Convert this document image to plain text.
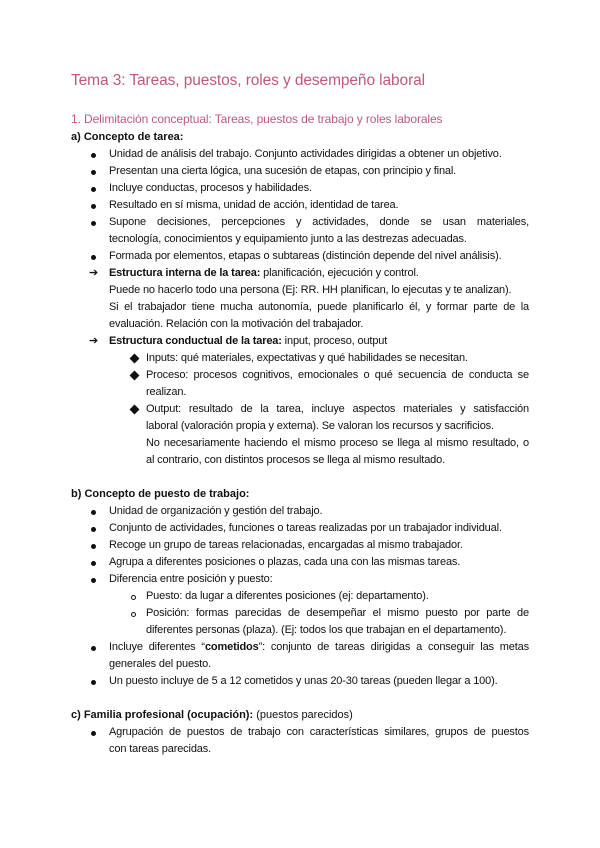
Tema 3: Tareas, puestos, roles y desempeño laboral
1. Delimitación conceptual: Tareas, puestos de trabajo y roles laborales
a) Concepto de tarea:
Unidad de análisis del trabajo. Conjunto actividades dirigidas a obtener un objetivo.
Presentan una cierta lógica, una sucesión de etapas, con principio y final.
Incluye conductas, procesos y habilidades.
Resultado en sí misma, unidad de acción, identidad de tarea.
Supone decisiones, percepciones y actividades, donde se usan materiales,
tecnología, conocimientos y equipamiento junto a las destrezas adecuadas.
Formada por elementos, etapas o subtareas (distinción depende del nivel análisis).
➔ Estructura interna de la tarea: planificación, ejecución y control.
Puede no hacerlo todo una persona (Ej: RR. HH planifican, lo ejecutas y te analizan).
Si el trabajador tiene mucha autonomía, puede planificarlo él, y formar parte de la
evaluación. Relación con la motivación del trabajador.
➔ Estructura conductual de la tarea: input, proceso, output
Inputs: qué materiales, expectativas y qué habilidades se necesitan.
Proceso: procesos cognitivos, emocionales o qué secuencia de conducta se
realizan.
Output: resultado de la tarea, incluye aspectos materiales y satisfacción
laboral (valoración propia y externa). Se valoran los recursos y sacrificios.
No necesariamente haciendo el mismo proceso se llega al mismo resultado, o
al contrario, con distintos procesos se llega al mismo resultado.
b) Concepto de puesto de trabajo:
Unidad de organización y gestión del trabajo.
Conjunto de actividades, funciones o tareas realizadas por un trabajador individual.
Recoge un grupo de tareas relacionadas, encargadas al mismo trabajador.
Agrupa a diferentes posiciones o plazas, cada una con las mismas tareas.
Diferencia entre posición y puesto:
Puesto: da lugar a diferentes posiciones (ej: departamento).
Posición: formas parecidas de desempeñar el mismo puesto por parte de
diferentes personas (plaza). (Ej: todos los que trabajan en el departamento).
Incluye diferentes “cometidos”: conjunto de tareas dirigidas a conseguir las metas
generales del puesto.
Un puesto incluye de 5 a 12 cometidos y unas 20-30 tareas (pueden llegar a 100).
c) Familia profesional (ocupación): (puestos parecidos)
Agrupación de puestos de trabajo con características similares, grupos de puestos
con tareas parecidas.
